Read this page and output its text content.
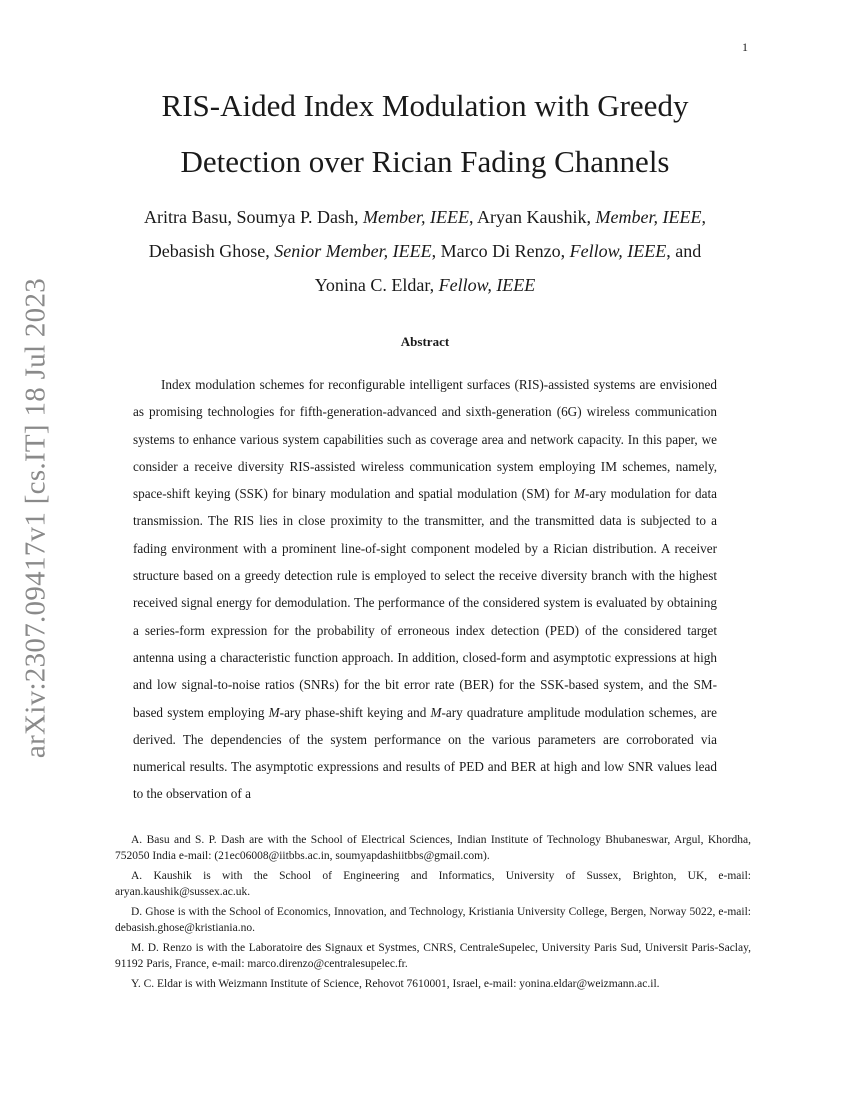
1
arXiv:2307.09417v1 [cs.IT] 18 Jul 2023
RIS-Aided Index Modulation with Greedy
Detection over Rician Fading Channels
Aritra Basu, Soumya P. Dash, Member, IEEE, Aryan Kaushik, Member, IEEE,
Debasish Ghose, Senior Member, IEEE, Marco Di Renzo, Fellow, IEEE, and
Yonina C. Eldar, Fellow, IEEE
Abstract
Index modulation schemes for reconfigurable intelligent surfaces (RIS)-assisted systems are envisioned as promising technologies for fifth-generation-advanced and sixth-generation (6G) wireless communication systems to enhance various system capabilities such as coverage area and network capacity. In this paper, we consider a receive diversity RIS-assisted wireless communication system employing IM schemes, namely, space-shift keying (SSK) for binary modulation and spatial modulation (SM) for M-ary modulation for data transmission. The RIS lies in close proximity to the transmitter, and the transmitted data is subjected to a fading environment with a prominent line-of-sight component modeled by a Rician distribution. A receiver structure based on a greedy detection rule is employed to select the receive diversity branch with the highest received signal energy for demodulation. The performance of the considered system is evaluated by obtaining a series-form expression for the probability of erroneous index detection (PED) of the considered target antenna using a characteristic function approach. In addition, closed-form and asymptotic expressions at high and low signal-to-noise ratios (SNRs) for the bit error rate (BER) for the SSK-based system, and the SM-based system employing M-ary phase-shift keying and M-ary quadrature amplitude modulation schemes, are derived. The dependencies of the system performance on the various parameters are corroborated via numerical results. The asymptotic expressions and results of PED and BER at high and low SNR values lead to the observation of a

A. Basu and S. P. Dash are with the School of Electrical Sciences, Indian Institute of Technology Bhubaneswar, Argul, Khordha, 752050 India e-mail: (21ec06008@iitbbs.ac.in, soumyapdashiitbbs@gmail.com).

A. Kaushik is with the School of Engineering and Informatics, University of Sussex, Brighton, UK, e-mail: aryan.kaushik@sussex.ac.uk.

D. Ghose is with the School of Economics, Innovation, and Technology, Kristiania University College, Bergen, Norway 5022, e-mail: debasish.ghose@kristiania.no.

M. D. Renzo is with the Laboratoire des Signaux et Systmes, CNRS, CentraleSupelec, University Paris Sud, Universit Paris-Saclay, 91192 Paris, France, e-mail: marco.direnzo@centralesupelec.fr.

Y. C. Eldar is with Weizmann Institute of Science, Rehovot 7610001, Israel, e-mail: yonina.eldar@weizmann.ac.il.
